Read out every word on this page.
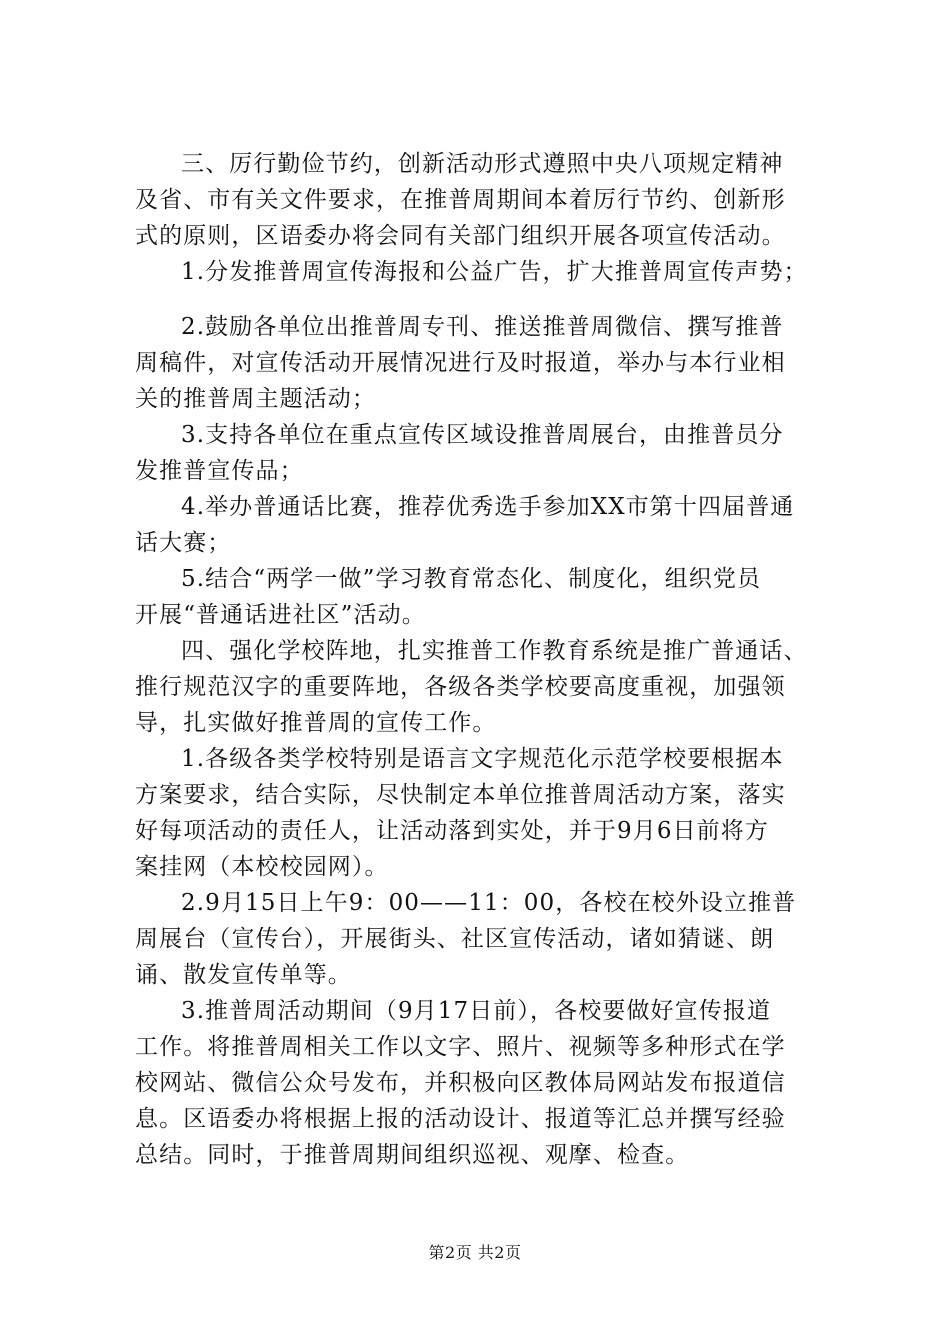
三、厉行勤俭节约，创新活动形式遵照中央八项规定精神
及省、市有关文件要求，在推普周期间本着厉行节约、创新形
式的原则，区语委办将会同有关部门组织开展各项宣传活动。
1.分发推普周宣传海报和公益广告，扩大推普周宣传声势；
2.鼓励各单位出推普周专刊、推送推普周微信、撰写推普
周稿件，对宣传活动开展情况进行及时报道，举办与本行业相
关的推普周主题活动；
3.支持各单位在重点宣传区域设推普周展台，由推普员分
发推普宣传品；
4.举办普通话比赛，推荐优秀选手参加XX市第十四届普通
话大赛；
5.结合“两学一做”学习教育常态化、制度化，组织党员
开展“普通话进社区”活动。
四、强化学校阵地，扎实推普工作教育系统是推广普通话、
推行规范汉字的重要阵地，各级各类学校要高度重视，加强领
导，扎实做好推普周的宣传工作。
1.各级各类学校特别是语言文字规范化示范学校要根据本
方案要求，结合实际，尽快制定本单位推普周活动方案，落实
好每项活动的责任人，让活动落到实处，并于9月6日前将方
案挂网（本校校园网）。
2.9月15日上午9：00——11：00，各校在校外设立推普
周展台（宣传台），开展街头、社区宣传活动，诸如猜谜、朗
诵、散发宣传单等。
3.推普周活动期间（9月17日前），各校要做好宣传报道
工作。将推普周相关工作以文字、照片、视频等多种形式在学
校网站、微信公众号发布，并积极向区教体局网站发布报道信
息。区语委办将根据上报的活动设计、报道等汇总并撰写经验
总结。同时，于推普周期间组织巡视、观摩、检查。
第2页 共2页
